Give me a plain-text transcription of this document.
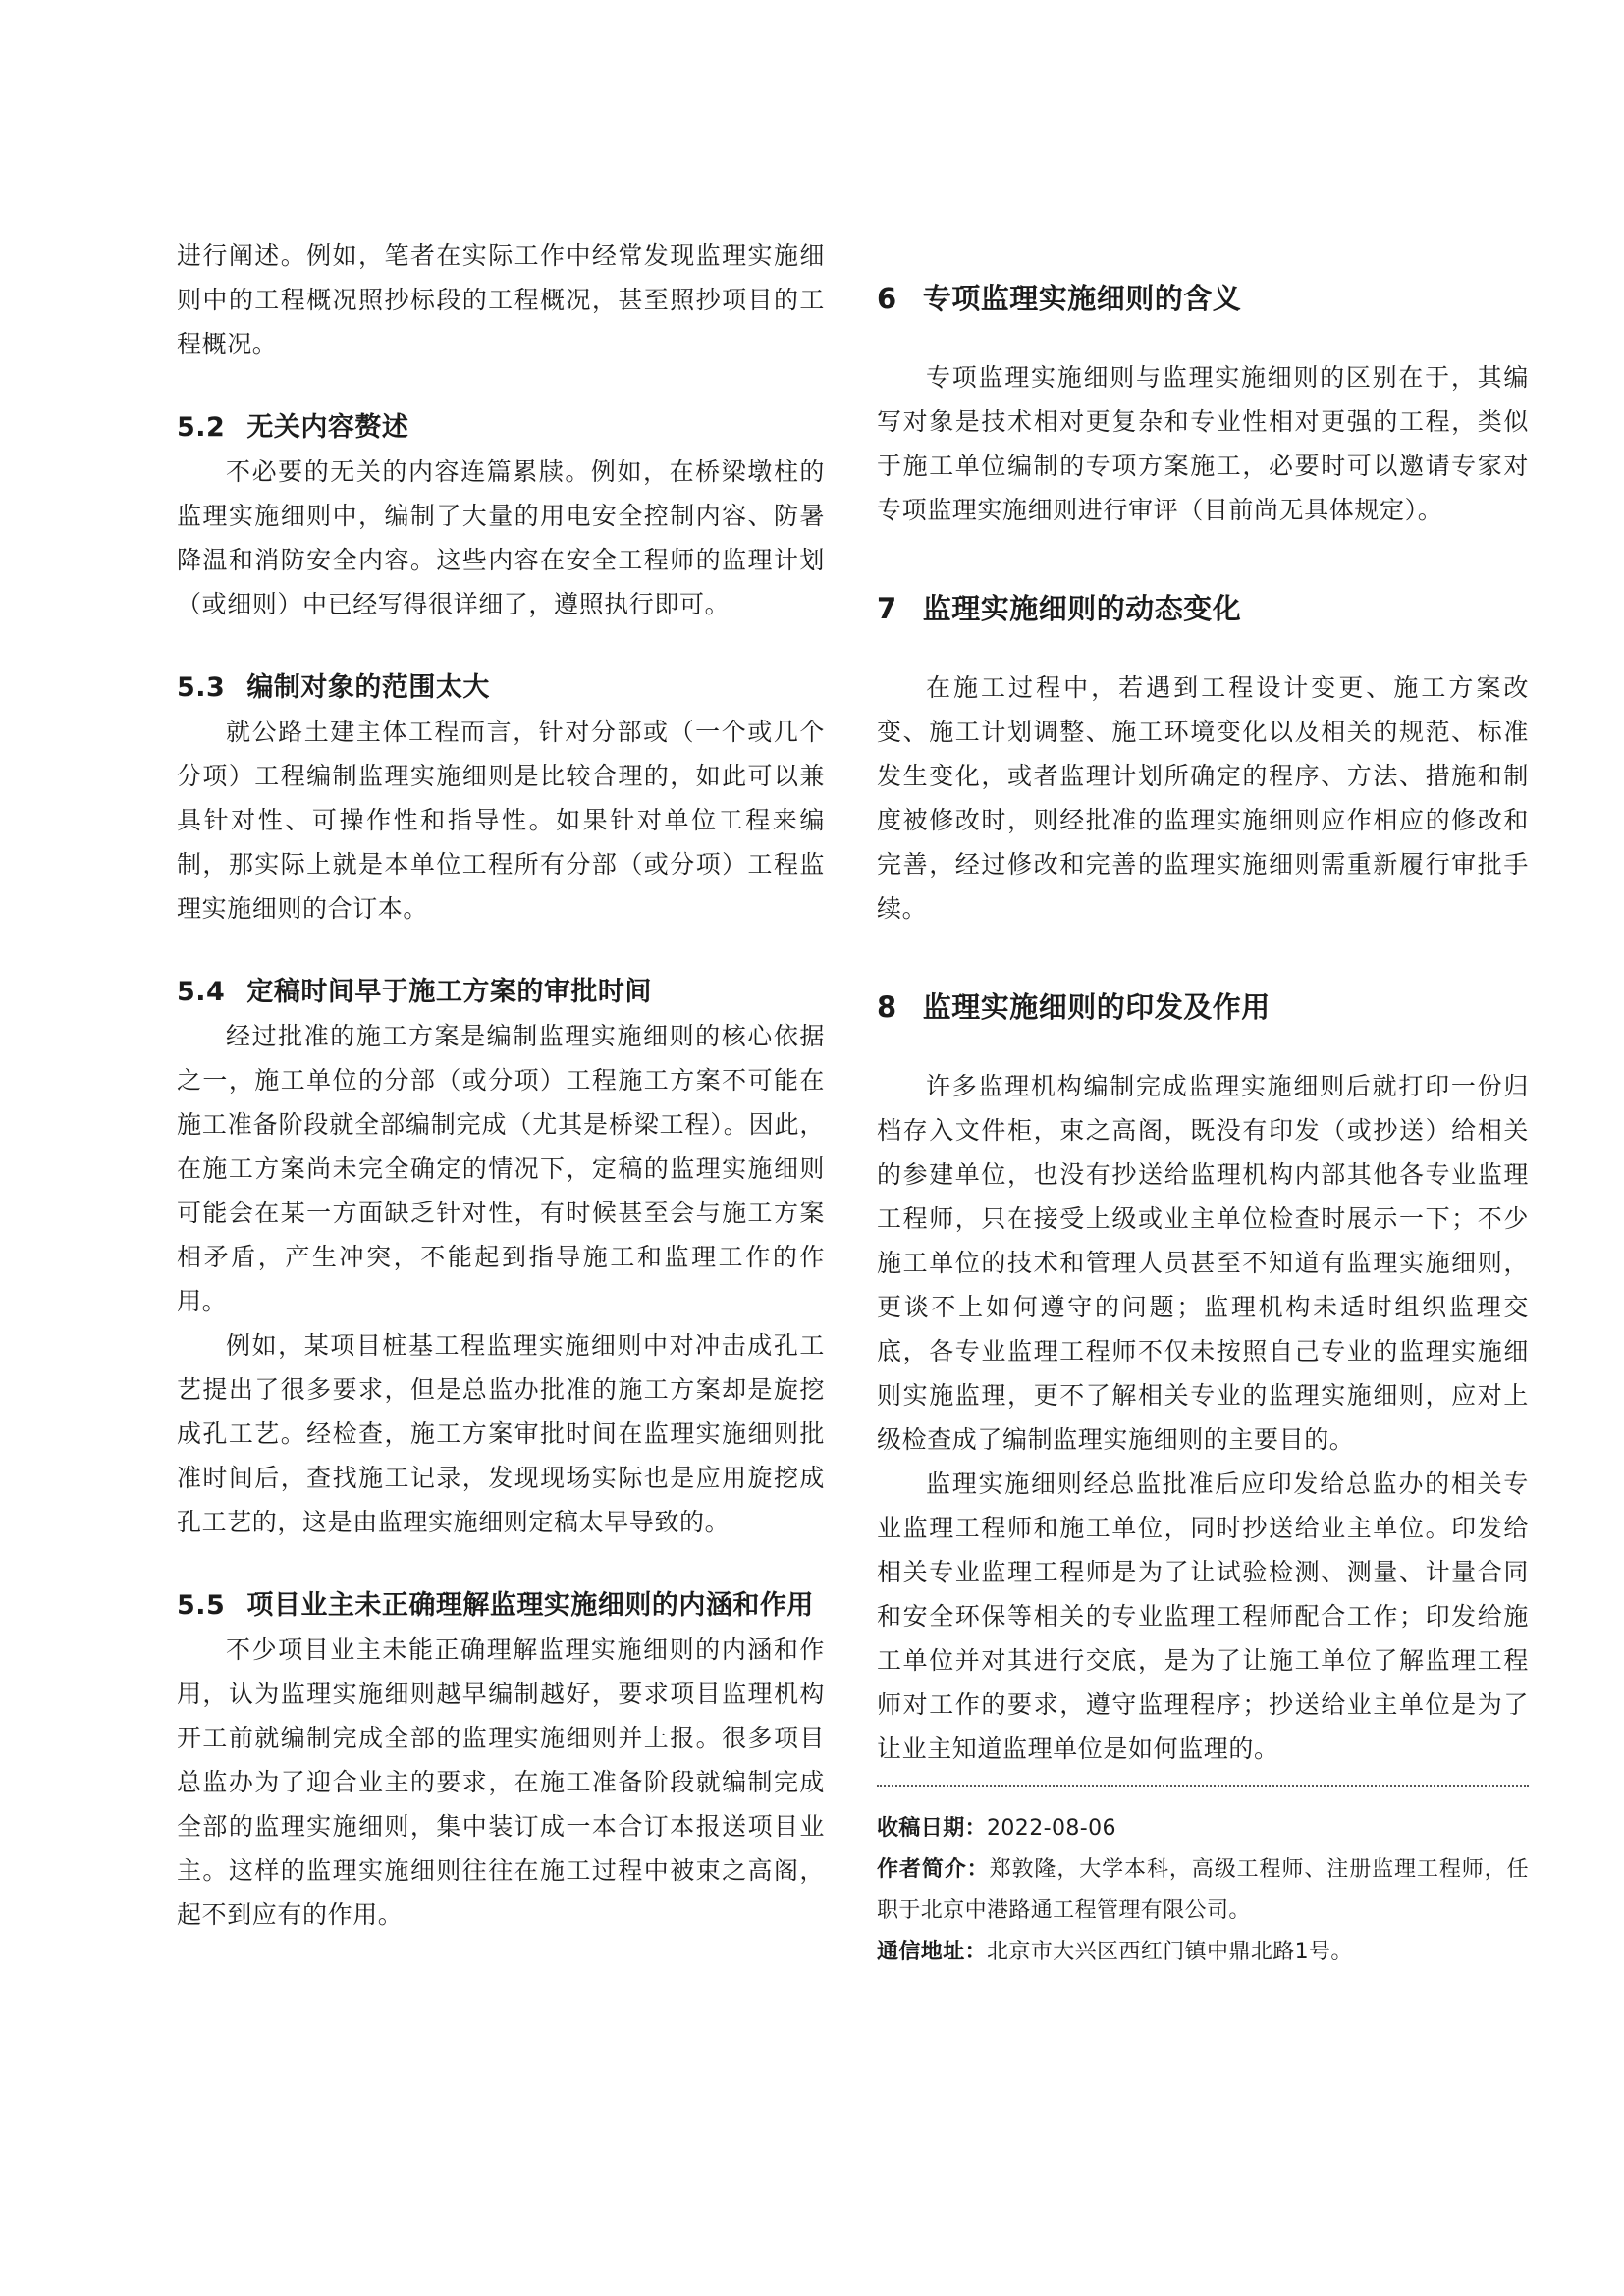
进行阐述。例如，笔者在实际工作中经常发现监理实施细则中的工程概况照抄标段的工程概况，甚至照抄项目的工程概况。

5.2 无关内容赘述

不必要的无关的内容连篇累牍。例如，在桥梁墩柱的监理实施细则中，编制了大量的用电安全控制内容、防暑降温和消防安全内容。这些内容在安全工程师的监理计划（或细则）中已经写得很详细了，遵照执行即可。

5.3 编制对象的范围太大

就公路土建主体工程而言，针对分部或（一个或几个分项）工程编制监理实施细则是比较合理的，如此可以兼具针对性、可操作性和指导性。如果针对单位工程来编制，那实际上就是本单位工程所有分部（或分项）工程监理实施细则的合订本。

5.4 定稿时间早于施工方案的审批时间

经过批准的施工方案是编制监理实施细则的核心依据之一，施工单位的分部（或分项）工程施工方案不可能在施工准备阶段就全部编制完成（尤其是桥梁工程）。因此，在施工方案尚未完全确定的情况下，定稿的监理实施细则可能会在某一方面缺乏针对性，有时候甚至会与施工方案相矛盾，产生冲突，不能起到指导施工和监理工作的作用。

例如，某项目桩基工程监理实施细则中对冲击成孔工艺提出了很多要求，但是总监办批准的施工方案却是旋挖成孔工艺。经检查，施工方案审批时间在监理实施细则批准时间后，查找施工记录，发现现场实际也是应用旋挖成孔工艺的，这是由监理实施细则定稿太早导致的。

5.5 项目业主未正确理解监理实施细则的内涵和作用

不少项目业主未能正确理解监理实施细则的内涵和作用，认为监理实施细则越早编制越好，要求项目监理机构开工前就编制完成全部的监理实施细则并上报。很多项目总监办为了迎合业主的要求，在施工准备阶段就编制完成全部的监理实施细则，集中装订成一本合订本报送项目业主。这样的监理实施细则往往在施工过程中被束之高阁，起不到应有的作用。

6 专项监理实施细则的含义

专项监理实施细则与监理实施细则的区别在于，其编写对象是技术相对更复杂和专业性相对更强的工程，类似于施工单位编制的专项方案施工，必要时可以邀请专家对专项监理实施细则进行审评（目前尚无具体规定）。

7 监理实施细则的动态变化

在施工过程中，若遇到工程设计变更、施工方案改变、施工计划调整、施工环境变化以及相关的规范、标准发生变化，或者监理计划所确定的程序、方法、措施和制度被修改时，则经批准的监理实施细则应作相应的修改和完善，经过修改和完善的监理实施细则需重新履行审批手续。

8 监理实施细则的印发及作用

许多监理机构编制完成监理实施细则后就打印一份归档存入文件柜，束之高阁，既没有印发（或抄送）给相关的参建单位，也没有抄送给监理机构内部其他各专业监理工程师，只在接受上级或业主单位检查时展示一下；不少施工单位的技术和管理人员甚至不知道有监理实施细则，更谈不上如何遵守的问题；监理机构未适时组织监理交底，各专业监理工程师不仅未按照自己专业的监理实施细则实施监理，更不了解相关专业的监理实施细则，应对上级检查成了编制监理实施细则的主要目的。

监理实施细则经总监批准后应印发给总监办的相关专业监理工程师和施工单位，同时抄送给业主单位。印发给相关专业监理工程师是为了让试验检测、测量、计量合同和安全环保等相关的专业监理工程师配合工作；印发给施工单位并对其进行交底，是为了让施工单位了解监理工程师对工作的要求，遵守监理程序；抄送给业主单位是为了让业主知道监理单位是如何监理的。

收稿日期：2022-08-06

作者简介：郑敦隆，大学本科，高级工程师、注册监理工程师，任职于北京中港路通工程管理有限公司。

通信地址：北京市大兴区西红门镇中鼎北路1号。
